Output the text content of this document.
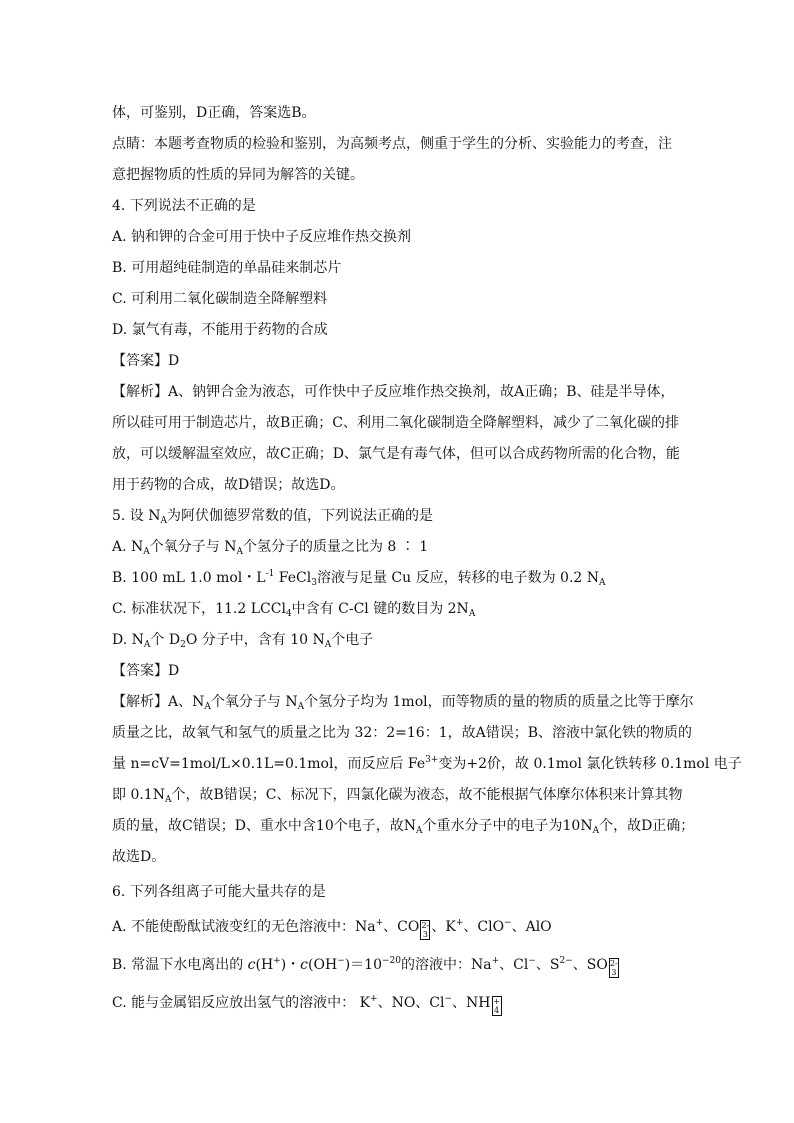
体，可鉴别，D正确，答案选B。
点睛：本题考查物质的检验和鉴别，为高频考点，侧重于学生的分析、实验能力的考查，注
意把握物质的性质的异同为解答的关键。
4. 下列说法不正确的是
A. 钠和钾的合金可用于快中子反应堆作热交换剂
B. 可用超纯硅制造的单晶硅来制芯片
C. 可利用二氧化碳制造全降解塑料
D. 氯气有毒，不能用于药物的合成
【答案】D
【解析】A、钠钾合金为液态，可作快中子反应堆作热交换剂，故A正确；B、硅是半导体，
所以硅可用于制造芯片，故B正确；C、利用二氧化碳制造全降解塑料，减少了二氧化碳的排
放，可以缓解温室效应，故C正确；D、氯气是有毒气体，但可以合成药物所需的化合物，能
用于药物的合成，故D错误；故选D。
5. 设 $N_A$为阿伏伽德罗常数的值，下列说法正确的是
A. $N_A$个氧分子与 $N_A$个氢分子的质量之比为 8 ∶ 1
B. 100 mL 1.0 mol・$L^{-1}$ FeCl$_3$溶液与足量 Cu 反应，转移的电子数为 0.2 $N_A$
C. 标准状况下，11.2 LCCl$_4$中含有 C-Cl 键的数目为 $2N_A$
D. $N_A$个 $D_2O$ 分子中，含有 10 $N_A$个电子
【答案】D
【解析】A、$N_A$个氧分子与 $N_A$个氢分子均为 1mol，而等物质的量的物质的质量之比等于摩尔
质量之比，故氧气和氢气的质量之比为 32：2=16：1，故A错误；B、溶液中氯化铁的物质的
量 n=cV=1mol/L×0.1L=0.1mol，而反应后 $Fe^{3+}$变为+2价，故 0.1mol 氯化铁转移 0.1mol 电子
即 $0.1N_A$个，故B错误；C、标况下，四氯化碳为液态，故不能根据气体摩尔体积来计算其物
质的量，故C错误；D、重水中含10个电子，故$N_A$个重水分子中的电子为$10N_A$个，故D正确；
故选D。
6. 下列各组离子可能大量共存的是
A. 不能使酚酞试液变红的无色溶液中：Na+、CO 2-
3 、K+、ClO−、AlO
B. 常温下水电离出的 c(H+)・$c(OH^-)=10^{-20}$的溶液中：Na+、Cl−、$S^{2-}$、SO 2-
3
C. 能与金属铝反应放出氢气的溶液中： K+、NO、Cl−、NH +
4
